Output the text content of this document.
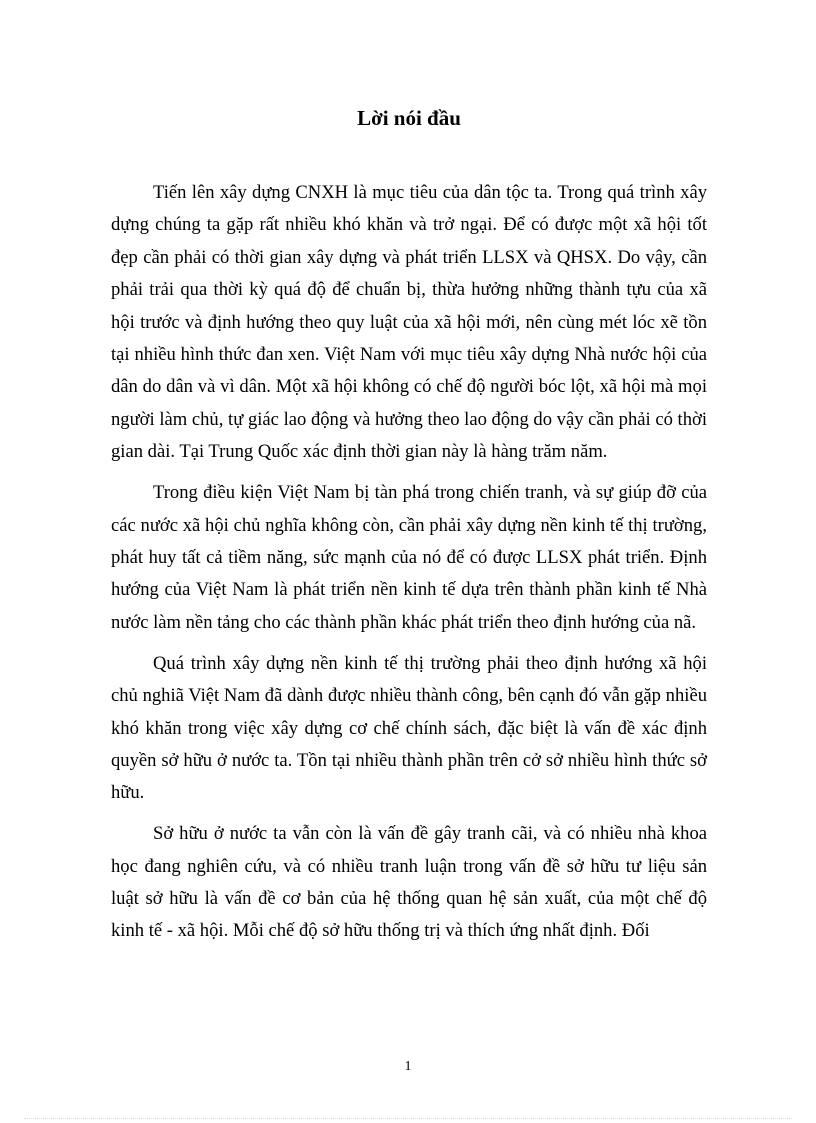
Lời nói đầu

Tiến lên xây dựng CNXH là mục tiêu của dân tộc ta. Trong quá trình xây dựng chúng ta gặp rất nhiều khó khăn và trở ngại. Để có được một xã hội tốt đẹp cần phải có thời gian xây dựng và phát triển LLSX và QHSX. Do vậy, cần phải trải qua thời kỳ quá độ để chuẩn bị, thừa hưởng những thành tựu của xã hội trước và định hướng theo quy luật của xã hội mới, nên cùng mét lóc xẽ tồn tại nhiều hình thức đan xen. Việt Nam với mục tiêu xây dựng Nhà nước hội của dân do dân và vì dân. Một xã hội không có chế độ người bóc lột, xã hội mà mọi người làm chủ, tự giác lao động và hưởng theo lao động do vậy cần phải có thời gian dài. Tại Trung Quốc xác định thời gian này là hàng trăm năm.

Trong điều kiện Việt Nam bị tàn phá trong chiến tranh, và sự giúp đỡ của các nước xã hội chủ nghĩa không còn, cần phải xây dựng nền kinh tế thị trường, phát huy tất cả tiềm năng, sức mạnh của nó để có được LLSX phát triển. Định hướng của Việt Nam là phát triển nền kinh tế dựa trên thành phần kinh tế Nhà nước làm nền tảng cho các thành phần khác phát triển theo định hướng của nã.

Quá trình xây dựng nền kinh tế thị trường phải theo định hướng xã hội chủ nghiã Việt Nam đã dành được nhiều thành công, bên cạnh đó vẫn gặp nhiều khó khăn trong việc xây dựng cơ chế chính sách, đặc biệt là vấn đề xác định quyền sở hữu ở nước ta. Tồn tại nhiều thành phần trên cở sở nhiều hình thức sở hữu.

Sở hữu ở nước ta vẫn còn là vấn đề gây tranh cãi, và có nhiều nhà khoa học đang nghiên cứu, và có nhiều tranh luận trong vấn đề sở hữu tư liệu sản luật sở hữu là vấn đề cơ bản của hệ thống quan hệ sản xuất, của một chế độ kinh tế - xã hội. Mỗi chế độ sở hữu thống trị và thích ứng nhất định. Đối

1
